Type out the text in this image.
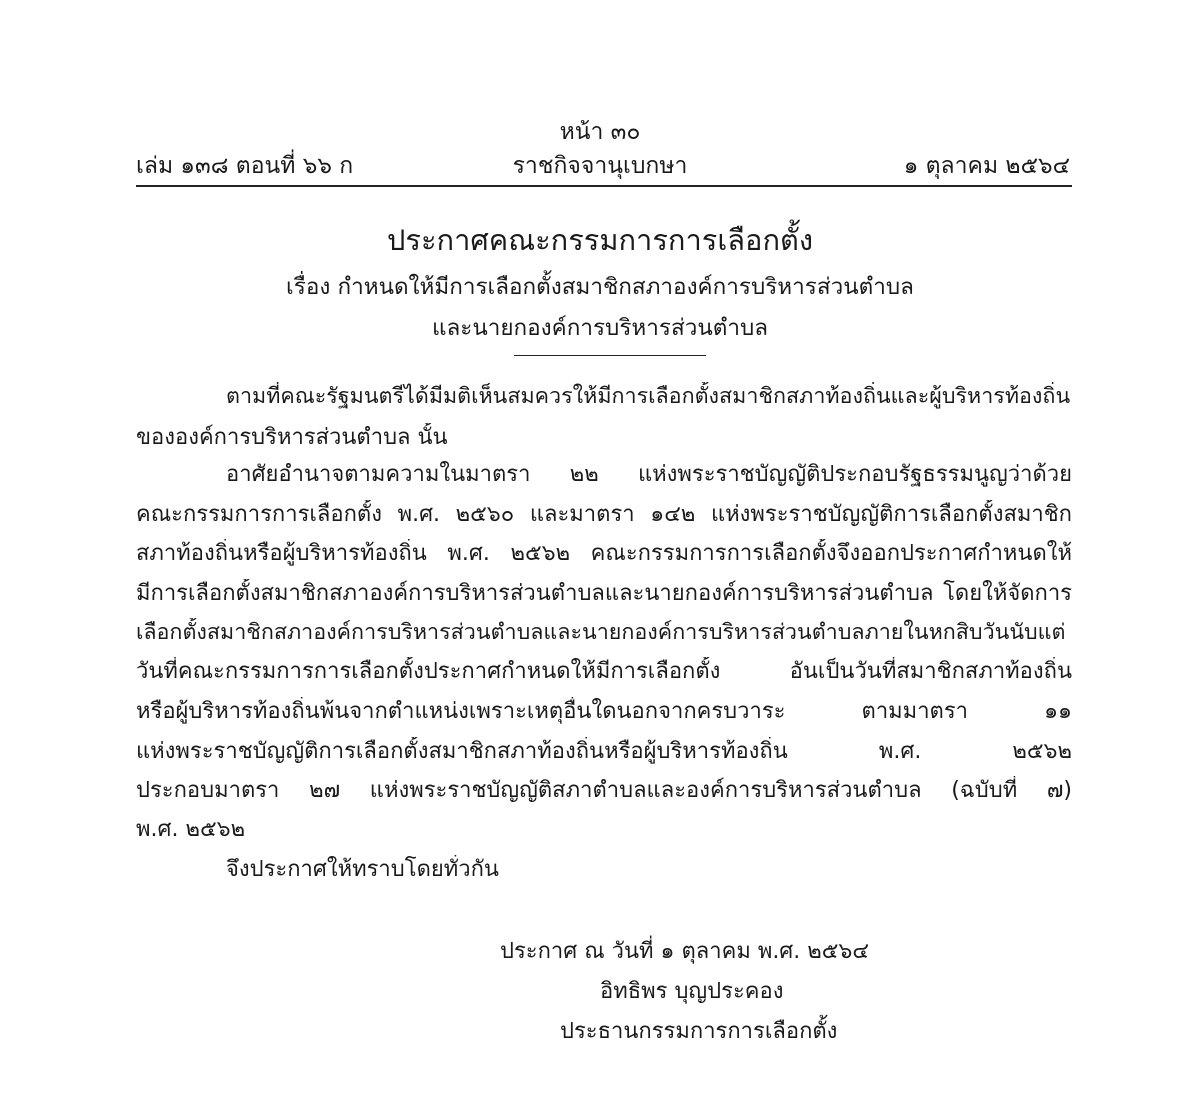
หน้า ๓๐
เล่ม ๑๓๘ ตอนที่ ๖๖ ก	ราชกิจจานุเบกษา	๑ ตุลาคม ๒๕๖๔
ประกาศคณะกรรมการการเลือกตั้ง
เรื่อง กำหนดให้มีการเลือกตั้งสมาชิกสภาองค์การบริหารส่วนตำบล
และนายกองค์การบริหารส่วนตำบล
ตามที่คณะรัฐมนตรีได้มีมติเห็นสมควรให้มีการเลือกตั้งสมาชิกสภาท้องถิ่นและผู้บริหารท้องถิ่น
ขององค์การบริหารส่วนตำบล นั้น
อาศัยอำนาจตามความในมาตรา ๒๒ แห่งพระราชบัญญัติประกอบรัฐธรรมนูญว่าด้วย
คณะกรรมการการเลือกตั้ง พ.ศ. ๒๕๖๐ และมาตรา ๑๔๒ แห่งพระราชบัญญัติการเลือกตั้งสมาชิก
สภาท้องถิ่นหรือผู้บริหารท้องถิ่น พ.ศ. ๒๕๖๒ คณะกรรมการการเลือกตั้งจึงออกประกาศกำหนดให้
มีการเลือกตั้งสมาชิกสภาองค์การบริหารส่วนตำบลและนายกองค์การบริหารส่วนตำบล โดยให้จัดการ
เลือกตั้งสมาชิกสภาองค์การบริหารส่วนตำบลและนายกองค์การบริหารส่วนตำบลภายในหกสิบวันนับแต่
วันที่คณะกรรมการการเลือกตั้งประกาศกำหนดให้มีการเลือกตั้ง อันเป็นวันที่สมาชิกสภาท้องถิ่น
หรือผู้บริหารท้องถิ่นพ้นจากตำแหน่งเพราะเหตุอื่นใดนอกจากครบวาระ ตามมาตรา ๑๑
แห่งพระราชบัญญัติการเลือกตั้งสมาชิกสภาท้องถิ่นหรือผู้บริหารท้องถิ่น พ.ศ. ๒๕๖๒
ประกอบมาตรา ๒๗ แห่งพระราชบัญญัติสภาตำบลและองค์การบริหารส่วนตำบล (ฉบับที่ ๗)
พ.ศ. ๒๕๖๒
จึงประกาศให้ทราบโดยทั่วกัน
ประกาศ ณ วันที่ ๑ ตุลาคม พ.ศ. ๒๕๖๔
อิทธิพร บุญประคอง
ประธานกรรมการการเลือกตั้ง
